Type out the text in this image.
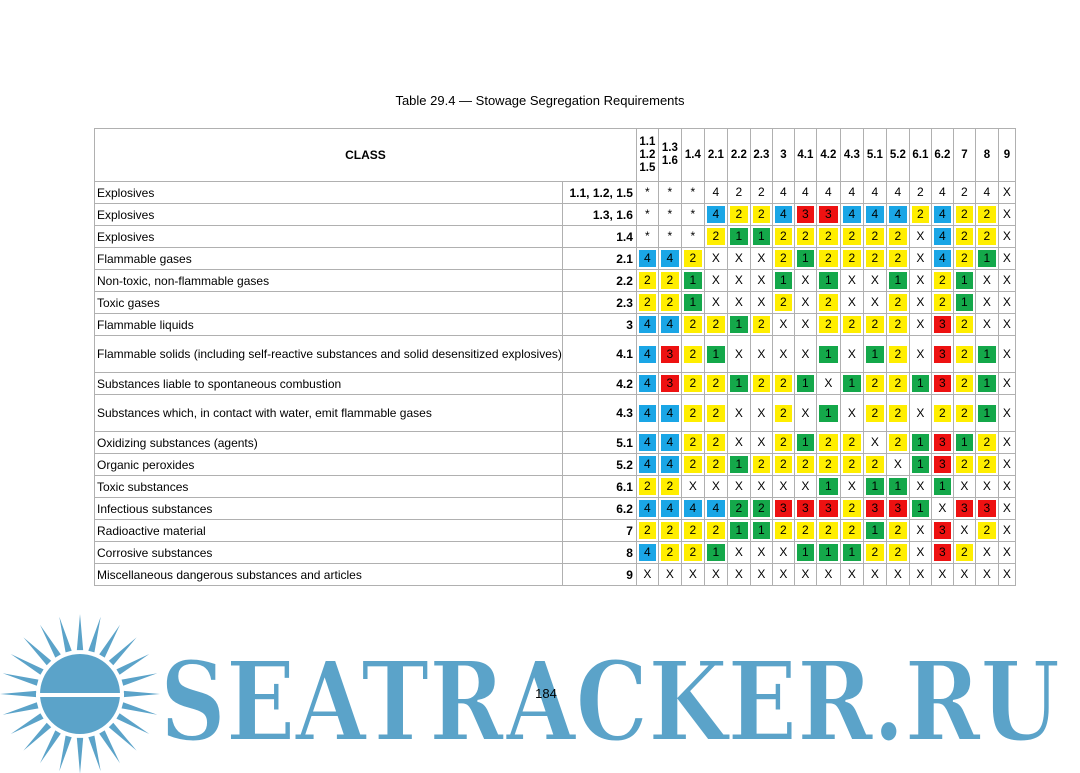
Table 29.4 — Stowage Segregation Requirements
CLASS		1.1
1.2
1.5	1.3
1.6	1.4	2.1	2.2	2.3	3	4.1	4.2	4.3	5.1	5.2	6.1	6.2	7	8	9

Explosives	1.1, 1.2, 1.5	*	*	*	4	2	2	4	4	4	4	4	4	2	4	2	4	X

Explosives	1.3, 1.6	*	*	*	4	2	2	4	3	3	4	4	4	2	4	2	2	X

Explosives	1.4	*	*	*	2	1	1	2	2	2	2	2	2	X	4	2	2	X

Flammable gases	2.1	4	4	2	X	X	X	2	1	2	2	2	2	X	4	2	1	X

Non-toxic, non-flammable gases	2.2	2	2	1	X	X	X	1	X	1	X	X	1	X	2	1	X	X

Toxic gases	2.3	2	2	1	X	X	X	2	X	2	X	X	2	X	2	1	X	X

Flammable liquids	3	4	4	2	2	1	2	X	X	2	2	2	2	X	3	2	X	X

Flammable solids (including self-reactive substances and solid desensitized explosives)	4.1	4	3	2	1	X	X	X	X	1	X	1	2	X	3	2	1	X

Substances liable to spontaneous combustion	4.2	4	3	2	2	1	2	2	1	X	1	2	2	1	3	2	1	X

Substances which, in contact with water, emit flammable gases	4.3	4	4	2	2	X	X	2	X	1	X	2	2	X	2	2	1	X

Oxidizing substances (agents)	5.1	4	4	2	2	X	X	2	1	2	2	X	2	1	3	1	2	X

Organic peroxides	5.2	4	4	2	2	1	2	2	2	2	2	2	X	1	3	2	2	X

Toxic substances	6.1	2	2	X	X	X	X	X	X	1	X	1	1	X	1	X	X	X

Infectious substances	6.2	4	4	4	4	2	2	3	3	3	2	3	3	1	X	3	3	X

Radioactive material	7	2	2	2	2	1	1	2	2	2	2	1	2	X	3	X	2	X

Corrosive substances	8	4	2	2	1	X	X	X	1	1	1	2	2	X	3	2	X	X

Miscellaneous dangerous substances and articles	9	X	X	X	X	X	X	X	X	X	X	X	X	X	X	X	X	X
SEATRACKER.RU
184
